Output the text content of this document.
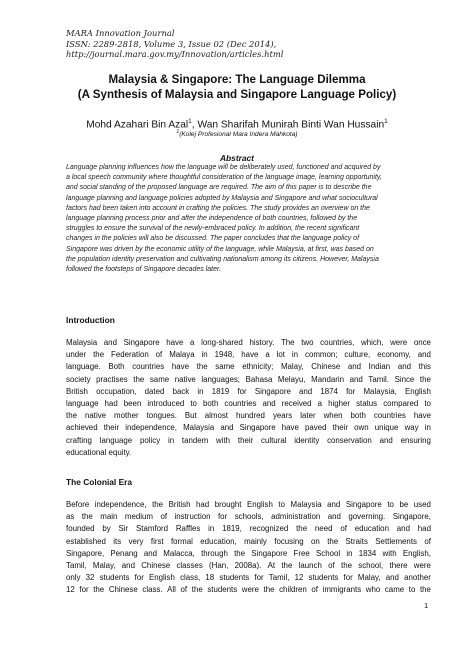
MARA Innovation Journal
ISSN: 2289-2818, Volume 3, Issue 02 (Dec 2014),
http://journal.mara.gov.my/Innovation/articles.html
Malaysia & Singapore: The Language Dilemma
(A Synthesis of Malaysia and Singapore Language Policy)
Mohd Azahari Bin Azal$^1$, Wan Sharifah Munirah Binti Wan Hussain$^1$
$^1$(Kolej Profesional Mara Indera Mahkota)
Abstract
Language planning influences how the language will be deliberately used, functioned and acquired by
a local speech community where thoughtful consideration of the language image, learning opportunity,
and social standing of the proposed language are required. The aim of this paper is to describe the
language planning and language policies adopted by Malaysia and Singapore and what sociocultural
factors had been taken into account in crafting the policies. The study provides an overview on the
language planning process prior and after the independence of both countries, followed by the
struggles to ensure the survival of the newly-embraced policy. In addition, the recent significant
changes in the policies will also be discussed. The paper concludes that the language policy of
Singapore was driven by the economic utility of the language, while Malaysia, at first, was based on
the population identity preservation and cultivating nationalism among its citizens. However, Malaysia
followed the footsteps of Singapore decades later.
Introduction
Malaysia and Singapore have a long-shared history. The two countries, which, were once
under the Federation of Malaya in 1948, have a lot in common; culture, economy, and
language. Both countries have the same ethnicity; Malay, Chinese and Indian and this
society practises the same native languages; Bahasa Melayu, Mandarin and Tamil. Since the
British occupation, dated back in 1819 for Singapore and 1874 for Malaysia, English
language had been introduced to both countries and received a higher status compared to
the native mother tongues. But almost hundred years later when both countries have
achieved their independence, Malaysia and Singapore have paved their own unique way in
crafting language policy in tandem with their cultural identity conservation and ensuring
educational equity.
The Colonial Era
Before independence, the British had brought English to Malaysia and Singapore to be used
as the main medium of instruction for schools, administration and governing. Singapore,
founded by Sir Stamford Raffles in 1819, recognized the need of education and had
established its very first formal education, mainly focusing on the Straits Settlements of
Singapore, Penang and Malacca, through the Singapore Free School in 1834 with English,
Tamil, Malay, and Chinese classes (Han, 2008a). At the launch of the school, there were
only 32 students for English class, 18 students for Tamil, 12 students for Malay, and another
12 for the Chinese class. All of the students were the children of immigrants who came to the
1
